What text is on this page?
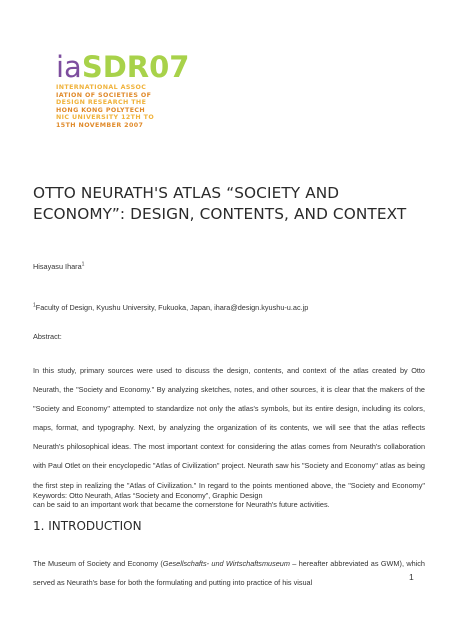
iaSDR07
INTERNATIONAL ASSOC
IATION OF SOCIETIES OF
DESIGN RESEARCH THE
HONG KONG POLYTECH
NIC UNIVERSITY 12TH TO
15TH NOVEMBER 2007
OTTO NEURATH'S ATLAS “SOCIETY AND ECONOMY”: DESIGN, CONTENTS, AND CONTEXT
Hisayasu Ihara$^1$
$^1$Faculty of Design, Kyushu University, Fukuoka, Japan, ihara@design.kyushu-u.ac.jp
Abstract:

In this study, primary sources were used to discuss the design, contents, and context of the atlas created by Otto Neurath, the "Society and Economy." By analyzing sketches, notes, and other sources, it is clear that the makers of the "Society and Economy" attempted to standardize not only the atlas's symbols, but its entire design, including its colors, maps, format, and typography. Next, by analyzing the organization of its contents, we will see that the atlas reflects Neurath's philosophical ideas. The most important context for considering the atlas comes from Neurath's collaboration with Paul Otlet on their encyclopedic "Atlas of Civilization" project. Neurath saw his "Society and Economy" atlas as being the first step in realizing the "Atlas of Civilization." In regard to the points mentioned above, the "Society and Economy" can be said to an important work that became the cornerstone for Neurath's future activities.

Keywords: Otto Neurath, Atlas “Society and Economy”, Graphic Design
1. INTRODUCTION

The Museum of Society and Economy (Gesellschafts- und Wirtschaftsmuseum – hereafter abbreviated as GWM), which served as Neurath's base for both the formulating and putting into practice of his visual

1
